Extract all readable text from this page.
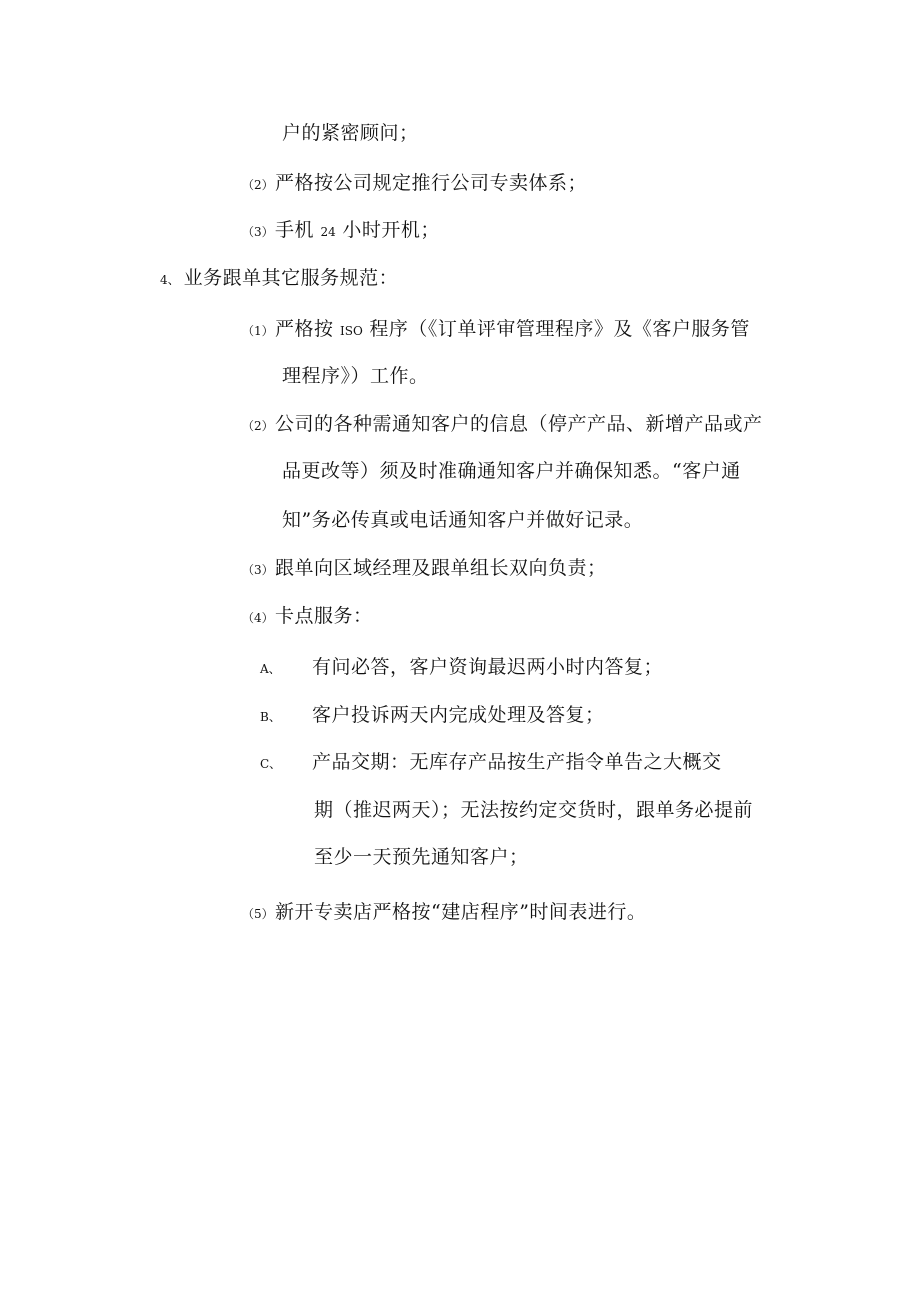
户的紧密顾问；
（2）严格按公司规定推行公司专卖体系；
（3）手机 24 小时开机；
4、 业务跟单其它服务规范：
（1）严格按 ISO 程序（《订单评审管理程序》及《客户服务管
理程序》）工作。
（2）公司的各种需通知客户的信息（停产产品、新增产品或产
品更改等）须及时准确通知客户并确保知悉。“客户通
知”务必传真或电话通知客户并做好记录。
（3）跟单向区域经理及跟单组长双向负责；
（4）卡点服务：
A、 有问必答，客户资询最迟两小时内答复；
B、 客户投诉两天内完成处理及答复；
C、 产品交期：无库存产品按生产指令单告之大概交
期（推迟两天）；无法按约定交货时，跟单务必提前
至少一天预先通知客户；
（5）新开专卖店严格按“建店程序”时间表进行。
